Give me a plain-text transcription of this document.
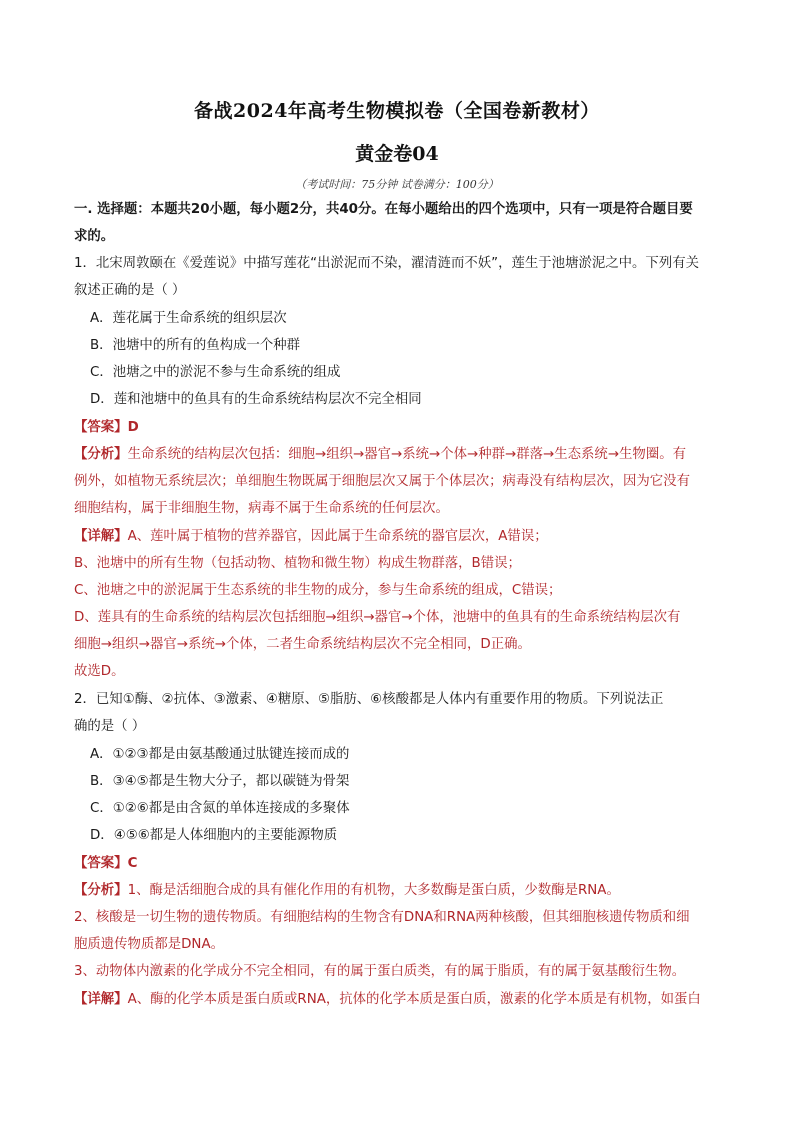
备战2024年高考生物模拟卷（全国卷新教材）
黄金卷04
（考试时间：75分钟 试卷满分：100分）
一. 选择题：本题共20小题，每小题2分，共40分。在每小题给出的四个选项中，只有一项是符合题目要
求的。
1．北宋周敦颐在《爱莲说》中描写莲花“出淤泥而不染，濯清涟而不妖”，莲生于池塘淤泥之中。下列有关
叙述正确的是（ ）
A．莲花属于生命系统的组织层次
B．池塘中的所有的鱼构成一个种群
C．池塘之中的淤泥不参与生命系统的组成
D．莲和池塘中的鱼具有的生命系统结构层次不完全相同
【答案】D
【分析】生命系统的结构层次包括：细胞→组织→器官→系统→个体→种群→群落→生态系统→生物圈。有
例外，如植物无系统层次；单细胞生物既属于细胞层次又属于个体层次；病毒没有结构层次，因为它没有
细胞结构，属于非细胞生物，病毒不属于生命系统的任何层次。
【详解】A、莲叶属于植物的营养器官，因此属于生命系统的器官层次，A错误；
B、池塘中的所有生物（包括动物、植物和微生物）构成生物群落，B错误；
C、池塘之中的淤泥属于生态系统的非生物的成分，参与生命系统的组成，C错误；
D、莲具有的生命系统的结构层次包括细胞→组织→器官→个体，池塘中的鱼具有的生命系统结构层次有
细胞→组织→器官→系统→个体，二者生命系统结构层次不完全相同，D正确。
故选D。
2．已知①酶、②抗体、③激素、④糖原、⑤脂肪、⑥核酸都是人体内有重要作用的物质。下列说法正
确的是（ ）
A．①②③都是由氨基酸通过肽键连接而成的
B．③④⑤都是生物大分子，都以碳链为骨架
C．①②⑥都是由含氮的单体连接成的多聚体
D．④⑤⑥都是人体细胞内的主要能源物质
【答案】C
【分析】1、酶是活细胞合成的具有催化作用的有机物，大多数酶是蛋白质，少数酶是RNA。
2、核酸是一切生物的遗传物质。有细胞结构的生物含有DNA和RNA两种核酸，但其细胞核遗传物质和细
胞质遗传物质都是DNA。
3、动物体内激素的化学成分不完全相同，有的属于蛋白质类，有的属于脂质，有的属于氨基酸衍生物。
【详解】A、酶的化学本质是蛋白质或RNA，抗体的化学本质是蛋白质，激素的化学本质是有机物，如蛋白
